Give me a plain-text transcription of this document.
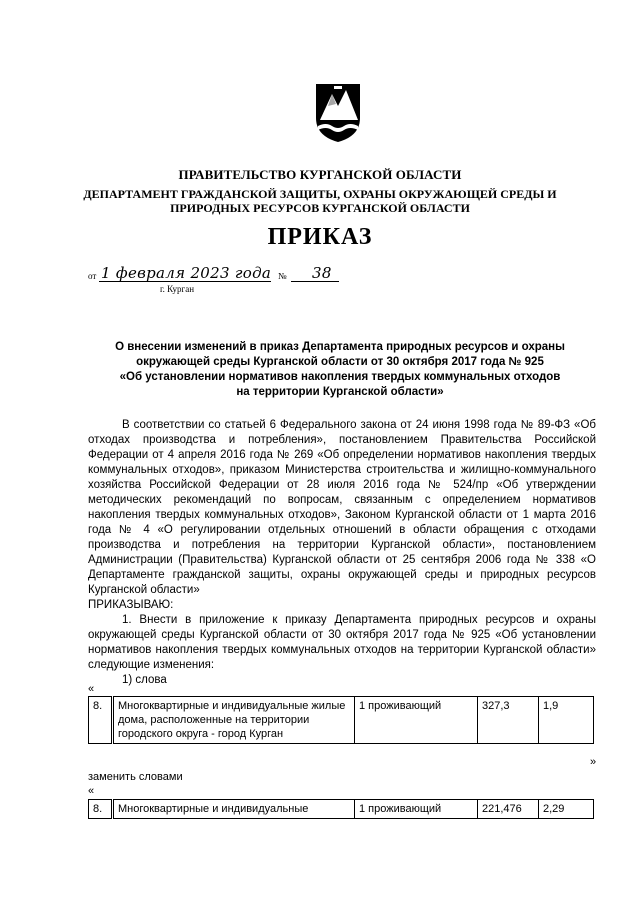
ПРАВИТЕЛЬСТВО КУРГАНСКОЙ ОБЛАСТИ
ДЕПАРТАМЕНТ ГРАЖДАНСКОЙ ЗАЩИТЫ, ОХРАНЫ ОКРУЖАЮЩЕЙ СРЕДЫ И
ПРИРОДНЫХ РЕСУРСОВ КУРГАНСКОЙ ОБЛАСТИ
ПРИКАЗ
от 1 февраля 2023 года № 38
г. Курган
О внесении изменений в приказ Департамента природных ресурсов и охраны
окружающей среды Курганской области от 30 октября 2017 года № 925
«Об установлении нормативов накопления твердых коммунальных отходов
на территории Курганской области»

В соответствии со статьей 6 Федерального закона от 24 июня 1998 года № 89-ФЗ «Об отходах производства и потребления», постановлением Правительства Российской Федерации от 4 апреля 2016 года № 269 «Об определении нормативов накопления твердых коммунальных отходов», приказом Министерства строительства и жилищно-коммунального хозяйства Российской Федерации от 28 июля 2016 года № 524/пр «Об утверждении методических рекомендаций по вопросам, связанным с определением нормативов накопления твердых коммунальных отходов», Законом Курганской области от 1 марта 2016 года № 4 «О регулировании отдельных отношений в области обращения с отходами производства и потребления на территории Курганской области», постановлением Администрации (Правительства) Курганской области от 25 сентября 2006 года № 338 «О Департаменте гражданской защиты, охраны окружающей среды и природных ресурсов Курганской области»

ПРИКАЗЫВАЮ:

1. Внести в приложение к приказу Департамента природных ресурсов и охраны окружающей среды Курганской области от 30 октября 2017 года № 925 «Об установлении нормативов накопления твердых коммунальных отходов на территории Курганской области» следующие изменения:

1) слова

«
8.	Многоквартирные и индивидуальные жилые дома, расположенные на территории городского округа - город Курган	1 проживающий	327,3	1,9
»
заменить словами
«
8.	Многоквартирные и индивидуальные	1 проживающий	221,476	2,29
